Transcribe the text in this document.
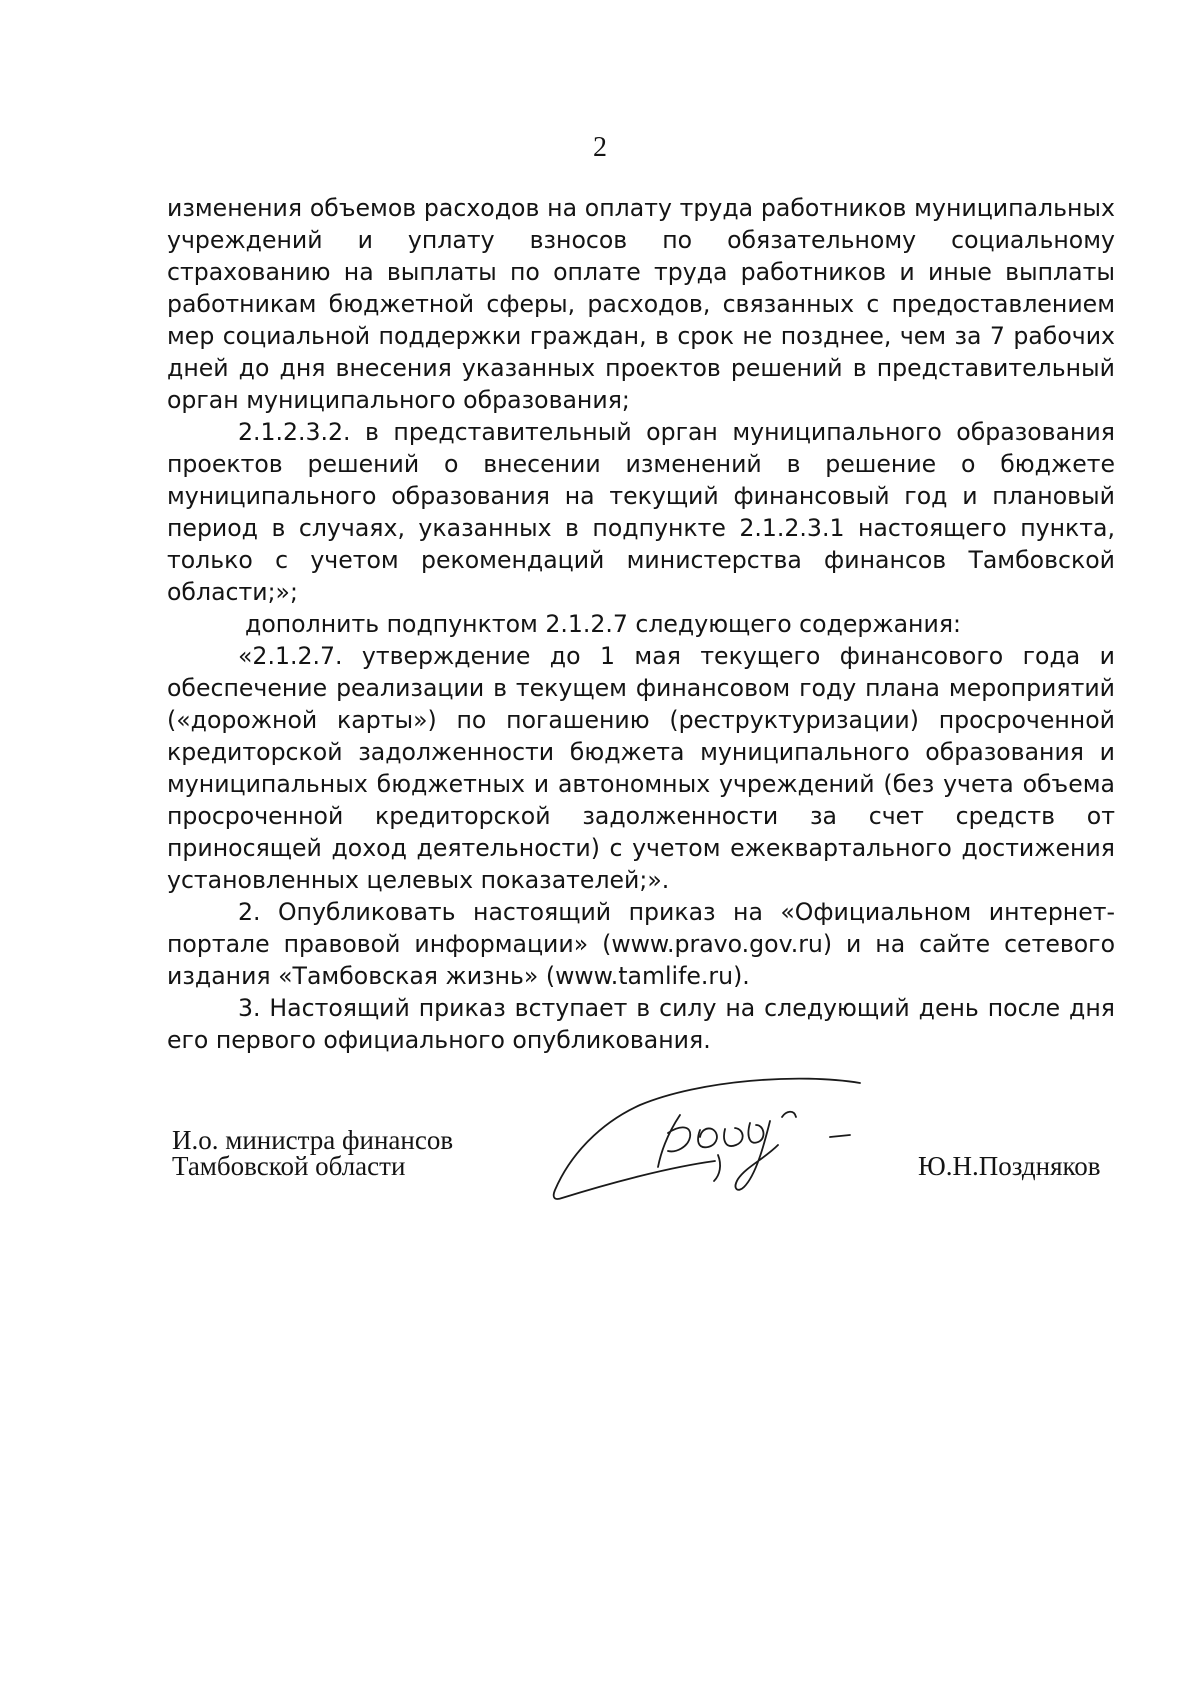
2

изменения объемов расходов на оплату труда работников муниципальных учреждений и уплату взносов по обязательному социальному страхованию на выплаты по оплате труда работников и иные выплаты работникам бюджетной сферы, расходов, связанных с предоставлением мер социальной поддержки граждан, в срок не позднее, чем за 7 рабочих дней до дня внесения указанных проектов решений в представительный орган муниципального образования;

2.1.2.3.2. в представительный орган муниципального образования проектов решений о внесении изменений в решение о бюджете муниципального образования на текущий финансовый год и плановый период в случаях, указанных в подпункте 2.1.2.3.1 настоящего пункта, только с учетом рекомендаций министерства финансов Тамбовской области;»;

дополнить подпунктом 2.1.2.7 следующего содержания:

«2.1.2.7. утверждение до 1 мая текущего финансового года и обеспечение реализации в текущем финансовом году плана мероприятий («дорожной карты») по погашению (реструктуризации) просроченной кредиторской задолженности бюджета муниципального образования и муниципальных бюджетных и автономных учреждений (без учета объема просроченной кредиторской задолженности за счет средств от приносящей доход деятельности) с учетом ежеквартального достижения установленных целевых показателей;».

2. Опубликовать настоящий приказ на «Официальном интернет-портале правовой информации» (www.pravo.gov.ru) и на сайте сетевого издания «Тамбовская жизнь» (www.tamlife.ru).

3. Настоящий приказ вступает в силу на следующий день после дня его первого официального опубликования.

И.о. министра финансов
Тамбовской области	Ю.Н.Поздняков
